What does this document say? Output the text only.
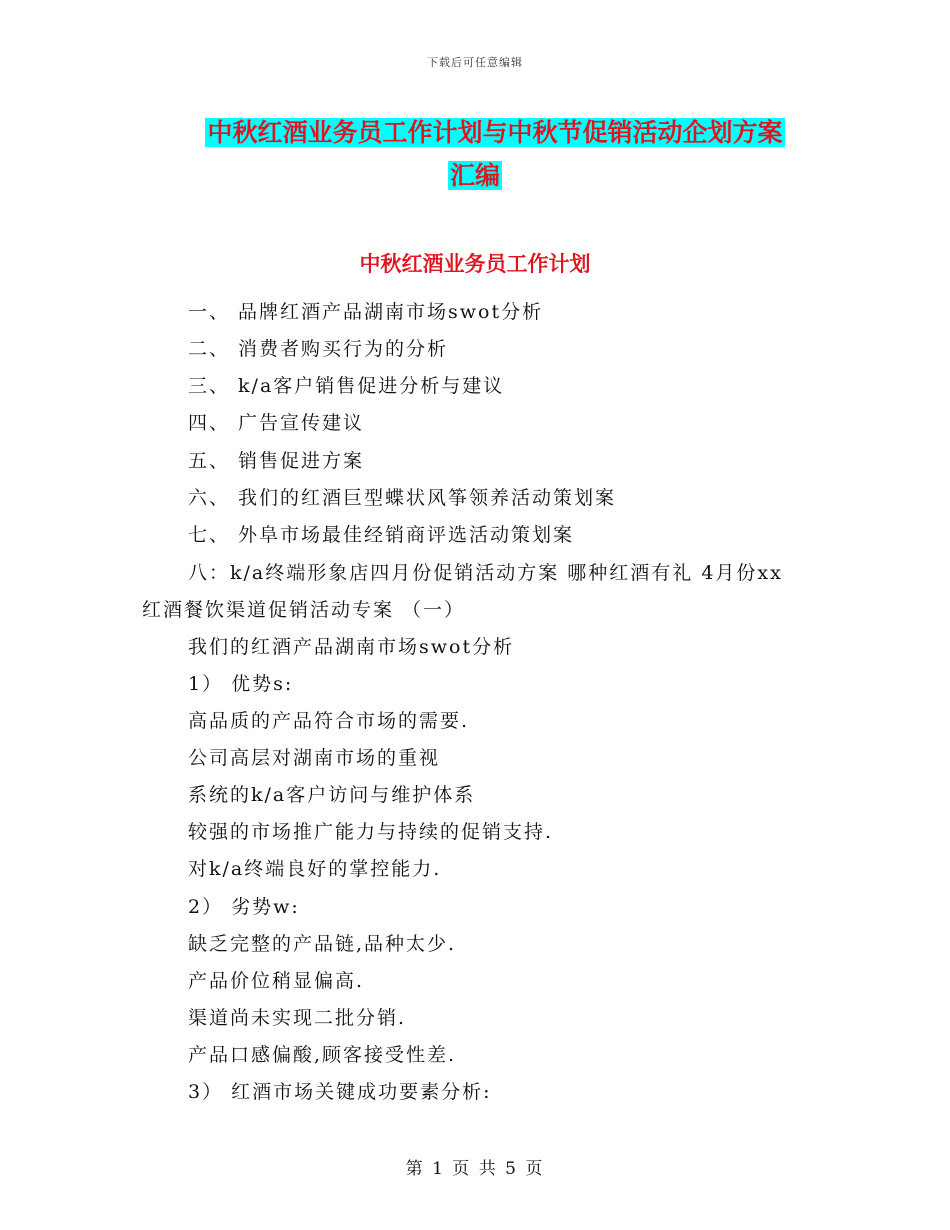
下载后可任意编辑
中秋红酒业务员工作计划与中秋节促销活动企划方案
汇编
中秋红酒业务员工作计划
一、 品牌红酒产品湖南市场swot分析
二、 消费者购买行为的分析
三、 k/a客户销售促进分析与建议
四、 广告宣传建议
五、 销售促进方案
六、 我们的红酒巨型蝶状风筝领养活动策划案
七、 外阜市场最佳经销商评选活动策划案
八：k/a终端形象店四月份促销活动方案 哪种红酒有礼 4月份xx
红酒餐饮渠道促销活动专案 （一）
我们的红酒产品湖南市场swot分析
1） 优势s:
高品质的产品符合市场的需要.
公司高层对湖南市场的重视
系统的k/a客户访问与维护体系
较强的市场推广能力与持续的促销支持.
对k/a终端良好的掌控能力.
2） 劣势w:
缺乏完整的产品链,品种太少.
产品价位稍显偏高.
渠道尚未实现二批分销.
产品口感偏酸,顾客接受性差.
3） 红酒市场关键成功要素分析:
第 1 页 共 5 页
